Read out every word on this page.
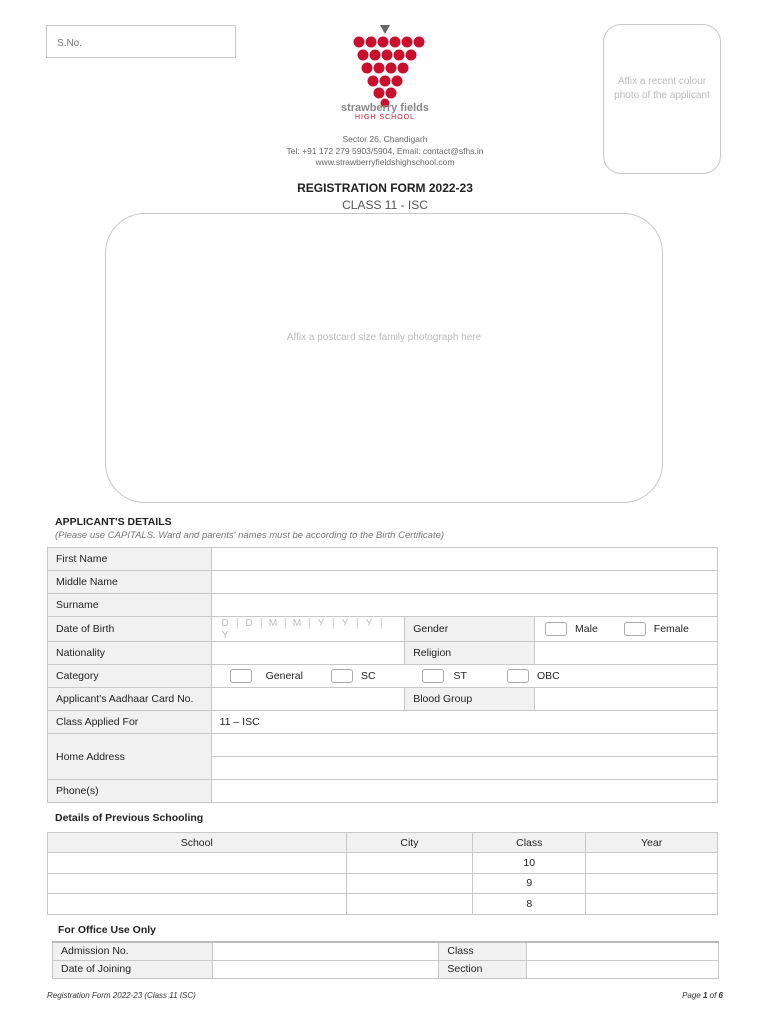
S.No.
strawberry fields
HIGH SCHOOL
Affix a recent colour photo of the applicant
Sector 26, Chandigarh
Tel: +91 172 279 5903/5904, Email: contact@sfhs.in
www.strawberryfieldshighschool.com
REGISTRATION FORM 2022-23
CLASS 11 - ISC
Affix a postcard size family photograph here
APPLICANT'S DETAILS
(Please use CAPITALS. Ward and parents' names must be according to the Birth Certificate)
First Name			
Middle Name			
Surname			
Date of Birth	D D M M Y Y YY	Gender	Male Female
Nationality		Religion	
Category	General SC ST OBC		
Applicant's Aadhaar Card No.		Blood Group	
Class Applied For	11 – ISC		
Home Address			

Phone(s)			
Details of Previous Schooling
School	City	Class	Year
		10	
		9	
		8	
For Office Use Only
Admission No.		Class	
Date of Joining		Section	
Registration Form 2022-23 (Class 11 ISC)	Page 1 of 6
